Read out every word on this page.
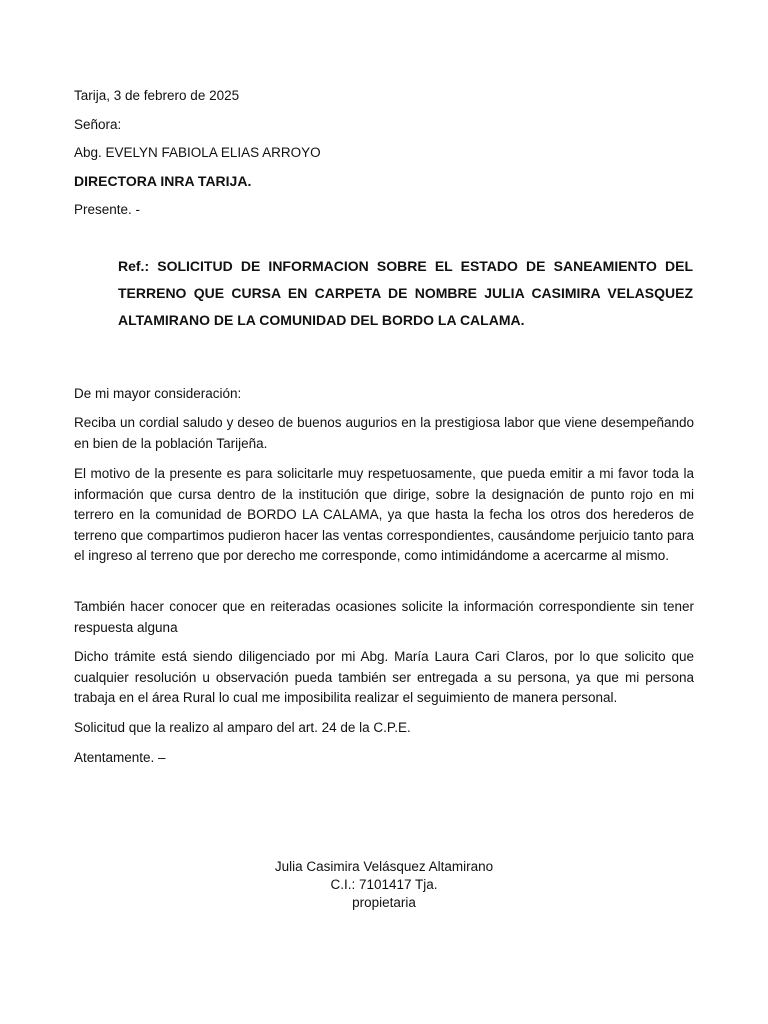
Tarija, 3 de febrero de 2025
Señora:
Abg. EVELYN FABIOLA ELIAS ARROYO
DIRECTORA INRA TARIJA.
Presente. -
Ref.: SOLICITUD DE INFORMACION SOBRE EL ESTADO DE SANEAMIENTO DEL TERRENO QUE CURSA EN CARPETA DE NOMBRE JULIA CASIMIRA VELASQUEZ ALTAMIRANO DE LA COMUNIDAD DEL BORDO LA CALAMA.
De mi mayor consideración:
Reciba un cordial saludo y deseo de buenos augurios en la prestigiosa labor que viene desempeñando en bien de la población Tarijeña.
El motivo de la presente es para solicitarle muy respetuosamente, que pueda emitir a mi favor toda la información que cursa dentro de la institución que dirige, sobre la designación de punto rojo en mi terrero en la comunidad de BORDO LA CALAMA, ya que hasta la fecha los otros dos herederos de terreno que compartimos pudieron hacer las ventas correspondientes, causándome perjuicio tanto para el ingreso al terreno que por derecho me corresponde, como intimidándome a acercarme al mismo.
También hacer conocer que en reiteradas ocasiones solicite la información correspondiente sin tener respuesta alguna
Dicho trámite está siendo diligenciado por mi Abg. María Laura Cari Claros, por lo que solicito que cualquier resolución u observación pueda también ser entregada a su persona, ya que mi persona trabaja en el área Rural lo cual me imposibilita realizar el seguimiento de manera personal.
Solicitud que la realizo al amparo del art. 24 de la C.P.E.
Atentamente. –
Julia Casimira Velásquez Altamirano
C.I.: 7101417 Tja.
propietaria
